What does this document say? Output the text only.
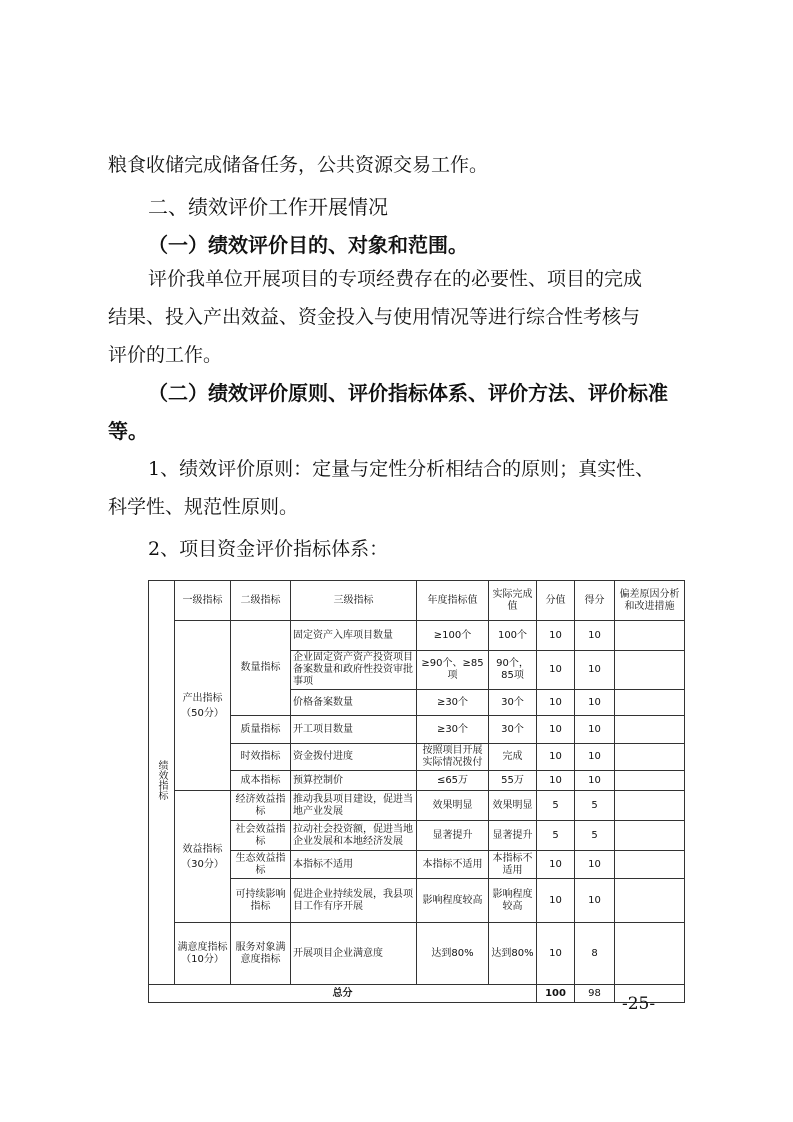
粮食收储完成储备任务，公共资源交易工作。
二、绩效评价工作开展情况
（一）绩效评价目的、对象和范围。
评价我单位开展项目的专项经费存在的必要性、项目的完成
结果、投入产出效益、资金投入与使用情况等进行综合性考核与
评价的工作。
（二）绩效评价原则、评价指标体系、评价方法、评价标准
等。
1、绩效评价原则：定量与定性分析相结合的原则；真实性、
科学性、规范性原则。
2、项目资金评价指标体系：
绩效指标	一级指标	二级指标	三级指标	年度指标值	实际完成值	分值	得分	偏差原因分析和改进措施
	产出指标（50分）	数量指标	固定资产入库项目数量	≥100个	100个	10	10	
			企业固定资产资产投资项目备案数量和政府性投资审批事项	≥90个、≥85项	90个，85项	10	10	
			价格备案数量	≥30个	30个	10	10	
		质量指标	开工项目数量	≥30个	30个	10	10	
		时效指标	资金拨付进度	按照项目开展实际情况拨付	完成	10	10	
		成本指标	预算控制价	≤65万	55万	10	10	
	效益指标（30分）	经济效益指标	推动我县项目建设，促进当地产业发展	效果明显	效果明显	5	5	
		社会效益指标	拉动社会投资额，促进当地企业发展和本地经济发展	显著提升	显著提升	5	5	
		生态效益指标	本指标不适用	本指标不适用	本指标不适用	10	10	
		可持续影响指标	促进企业持续发展，我县项目工作有序开展	影响程度较高	影响程度较高	10	10	
	满意度指标（10分）	服务对象满意度指标	开展项目企业满意度	达到80%	达到80%	10	8	
总分						100	98	
-25-
